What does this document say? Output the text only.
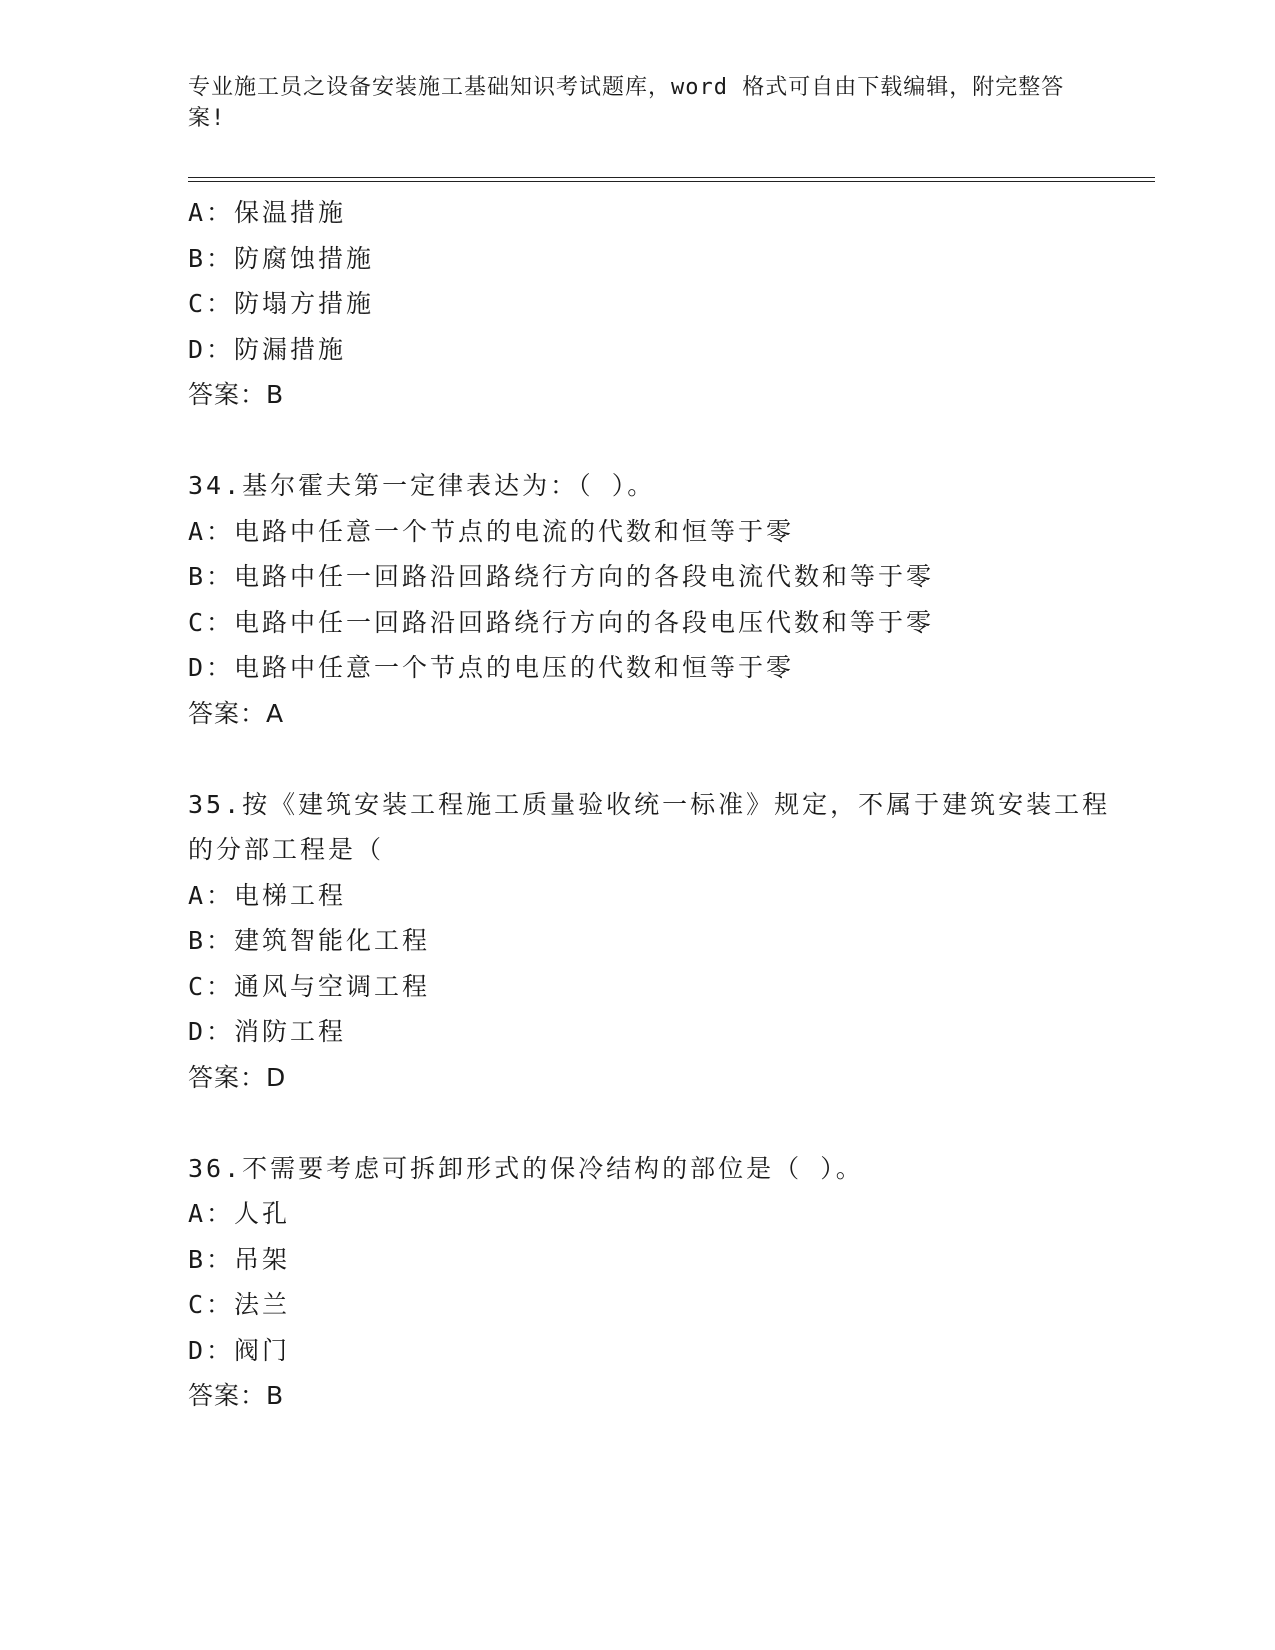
专业施工员之设备安装施工基础知识考试题库，word 格式可自由下载编辑，附完整答案!
A：保温措施
B：防腐蚀措施
C：防塌方措施
D：防漏措施
答案：B
34.基尔霍夫第一定律表达为：（ ）。
A：电路中任意一个节点的电流的代数和恒等于零
B：电路中任一回路沿回路绕行方向的各段电流代数和等于零
C：电路中任一回路沿回路绕行方向的各段电压代数和等于零
D：电路中任意一个节点的电压的代数和恒等于零
答案：A
35.按《建筑安装工程施工质量验收统一标准》规定，不属于建筑安装工程的分部工程是（
A：电梯工程
B：建筑智能化工程
C：通风与空调工程
D：消防工程
答案：D
36.不需要考虑可拆卸形式的保冷结构的部位是（ ）。
A：人孔
B：吊架
C：法兰
D：阀门
答案：B
